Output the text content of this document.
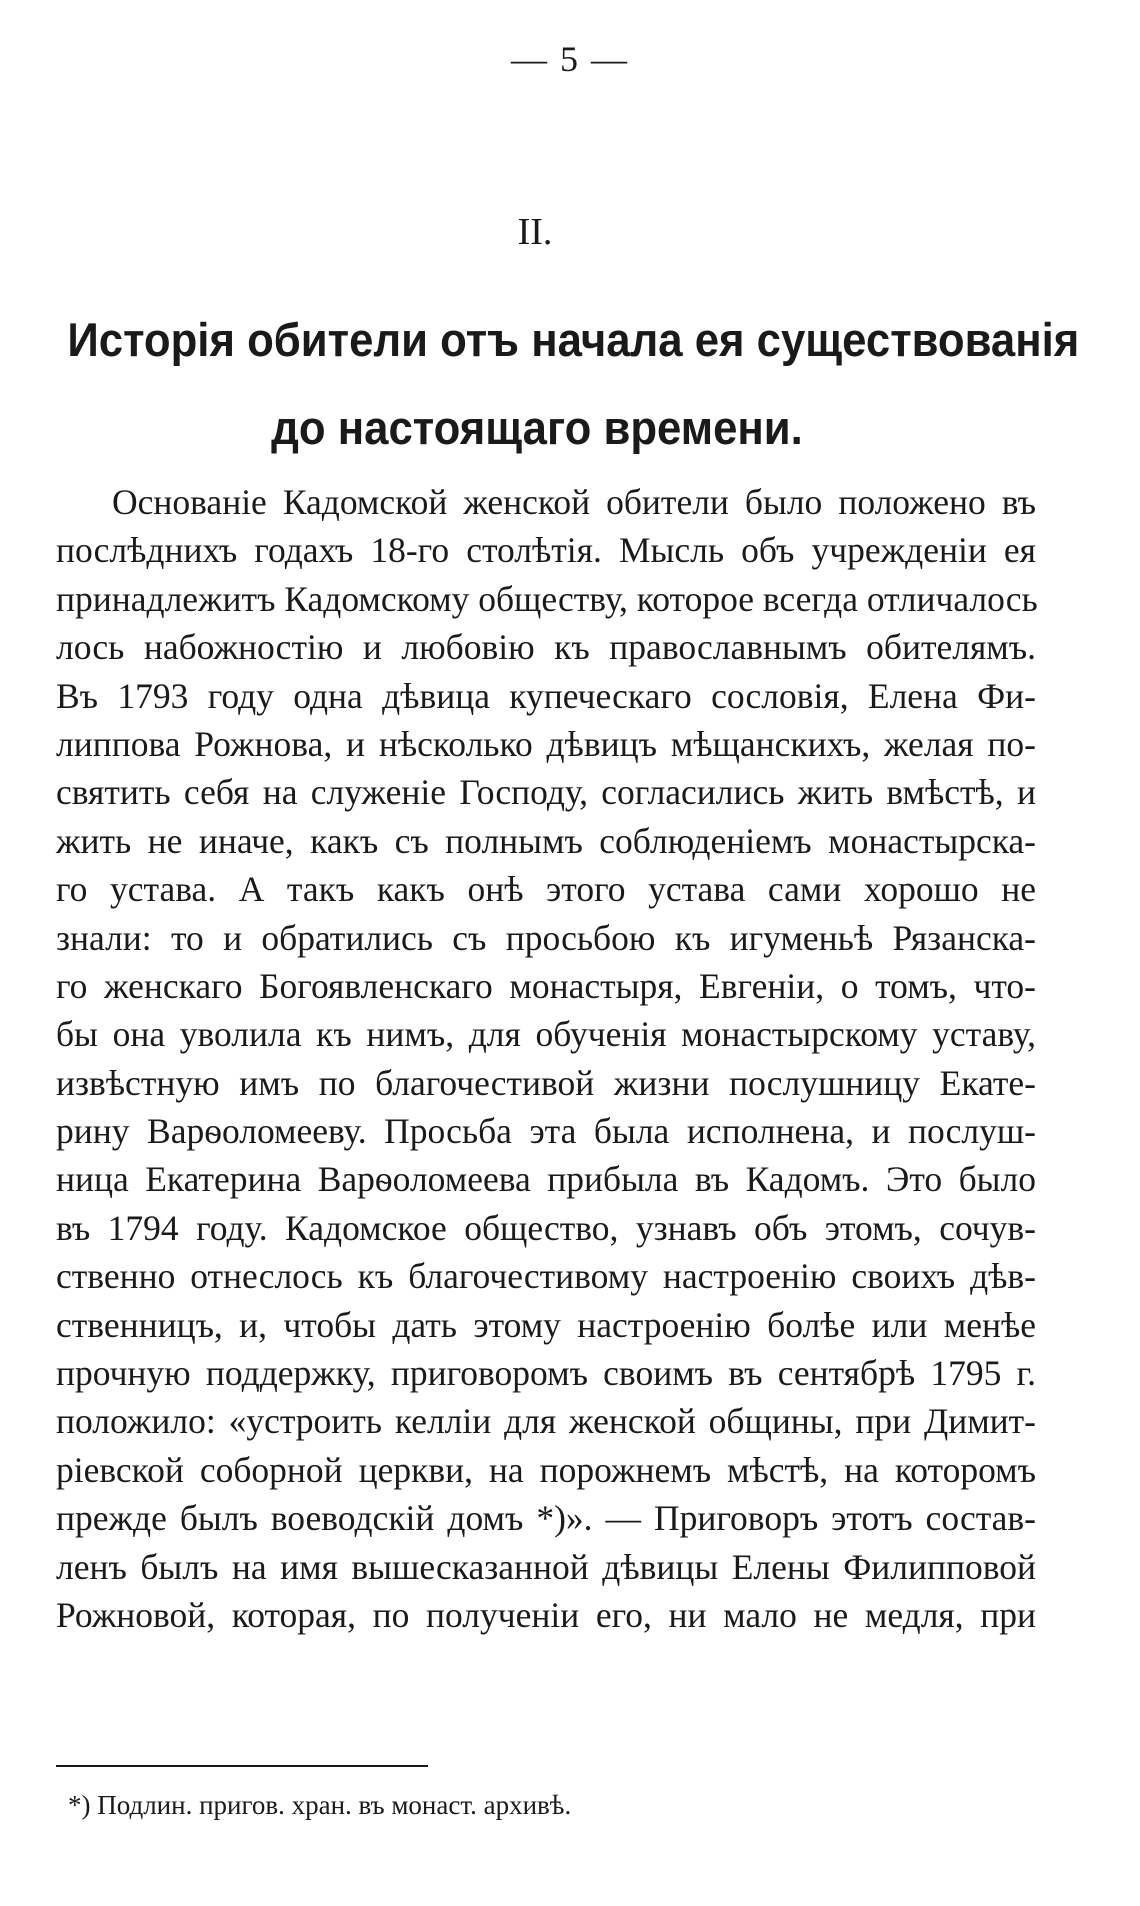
— 5 —
II.
Исторія обители отъ начала ея существованія
до настоящаго времени.
Основаніе Кадомской женской обители было положено въ
послѣднихъ годахъ 18-го столѣтія. Мысль объ учрежденіи ея
принадлежитъ Кадомскому обществу, которое всегда отличалось
лось набожностію и любовію къ православнымъ обителямъ.
Въ 1793 году одна дѣвица купеческаго сословія, Елена Фи-
липпова Рожнова, и нѣсколько дѣвицъ мѣщанскихъ, желая по-
святить себя на служеніе Господу, согласились жить вмѣстѣ, и
жить не иначе, какъ съ полнымъ соблюденіемъ монастырска-
го устава. А такъ какъ онѣ этого устава сами хорошо не
знали: то и обратились съ просьбою къ игуменьѣ Рязанска-
го женскаго Богоявленскаго монастыря, Евгеніи, о томъ, что-
бы она уволила къ нимъ, для обученія монастырскому уставу,
извѣстную имъ по благочестивой жизни послушницу Екате-
рину Варѳоломееву. Просьба эта была исполнена, и послуш-
ница Екатерина Варѳоломеева прибыла въ Кадомъ. Это было
въ 1794 году. Кадомское общество, узнавъ объ этомъ, сочув-
ственно отнеслось къ благочестивому настроенію своихъ дѣв-
ственницъ, и, чтобы дать этому настроенію болѣе или менѣе
прочную поддержку, приговоромъ своимъ въ сентябрѣ 1795 г.
положило: «устроить келліи для женской общины, при Димит-
ріевской соборной церкви, на порожнемъ мѣстѣ, на которомъ
прежде былъ воеводскій домъ *)». — Приговоръ этотъ состав-
ленъ былъ на имя вышесказанной дѣвицы Елены Филипповой
Рожновой, которая, по полученіи его, ни мало не медля, при
*) Подлин. пригов. хран. въ монаст. архивѣ.
